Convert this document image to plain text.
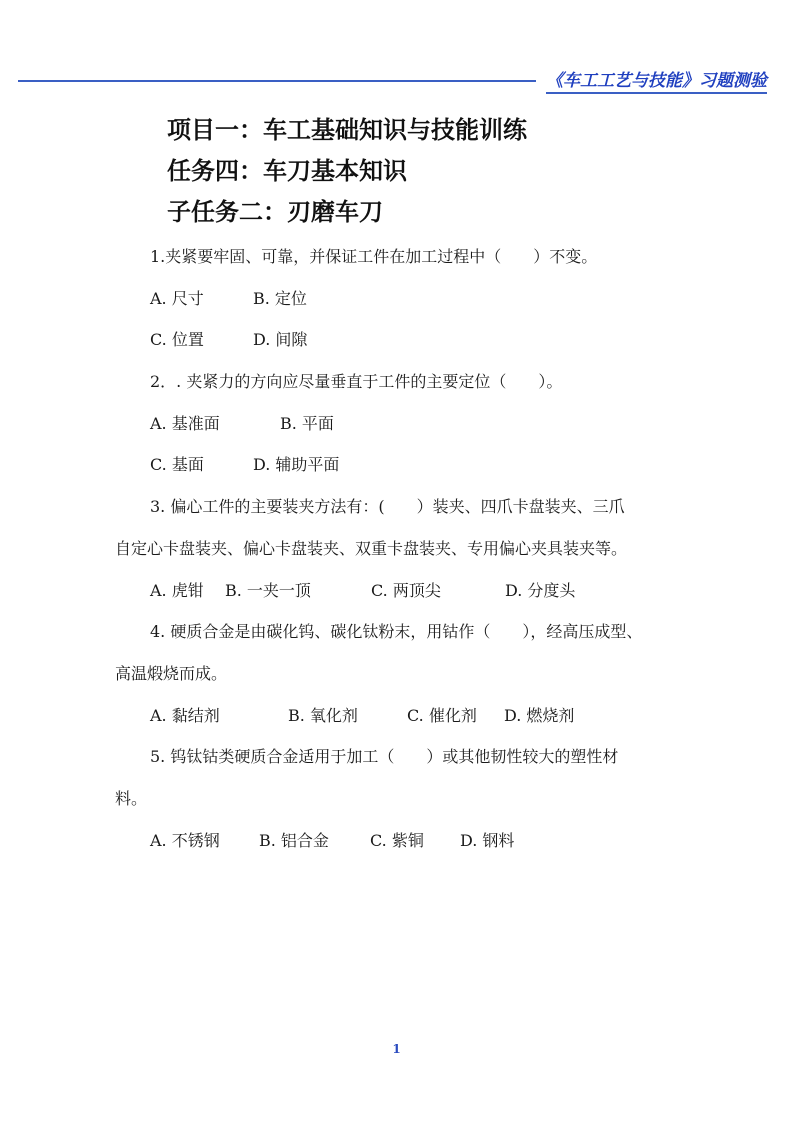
《车工工艺与技能》习题测验
项目一：车工基础知识与技能训练
任务四：车刀基本知识
子任务二：刃磨车刀
1.夹紧要牢固、可靠，并保证工件在加工过程中（　　）不变。
A. 尺寸	B. 定位
C. 位置	D. 间隙
2．. 夹紧力的方向应尽量垂直于工件的主要定位（　　）。
A. 基准面	B. 平面
C. 基面	D. 辅助平面
3. 偏心工件的主要装夹方法有：(　　）装夹、四爪卡盘装夹、三爪
自定心卡盘装夹、偏心卡盘装夹、双重卡盘装夹、专用偏心夹具装夹等。
A. 虎钳 B. 一夹一顶	C. 两顶尖	D. 分度头
4. 硬质合金是由碳化钨、碳化钛粉末，用钴作（　　），经高压成型、
高温煅烧而成。
A. 黏结剂	B. 氧化剂	C. 催化剂 D. 燃烧剂
5. 钨钛钴类硬质合金适用于加工（　　）或其他韧性较大的塑性材
料。
A. 不锈钢 B. 铝合金	C. 紫铜 D. 钢料
1
